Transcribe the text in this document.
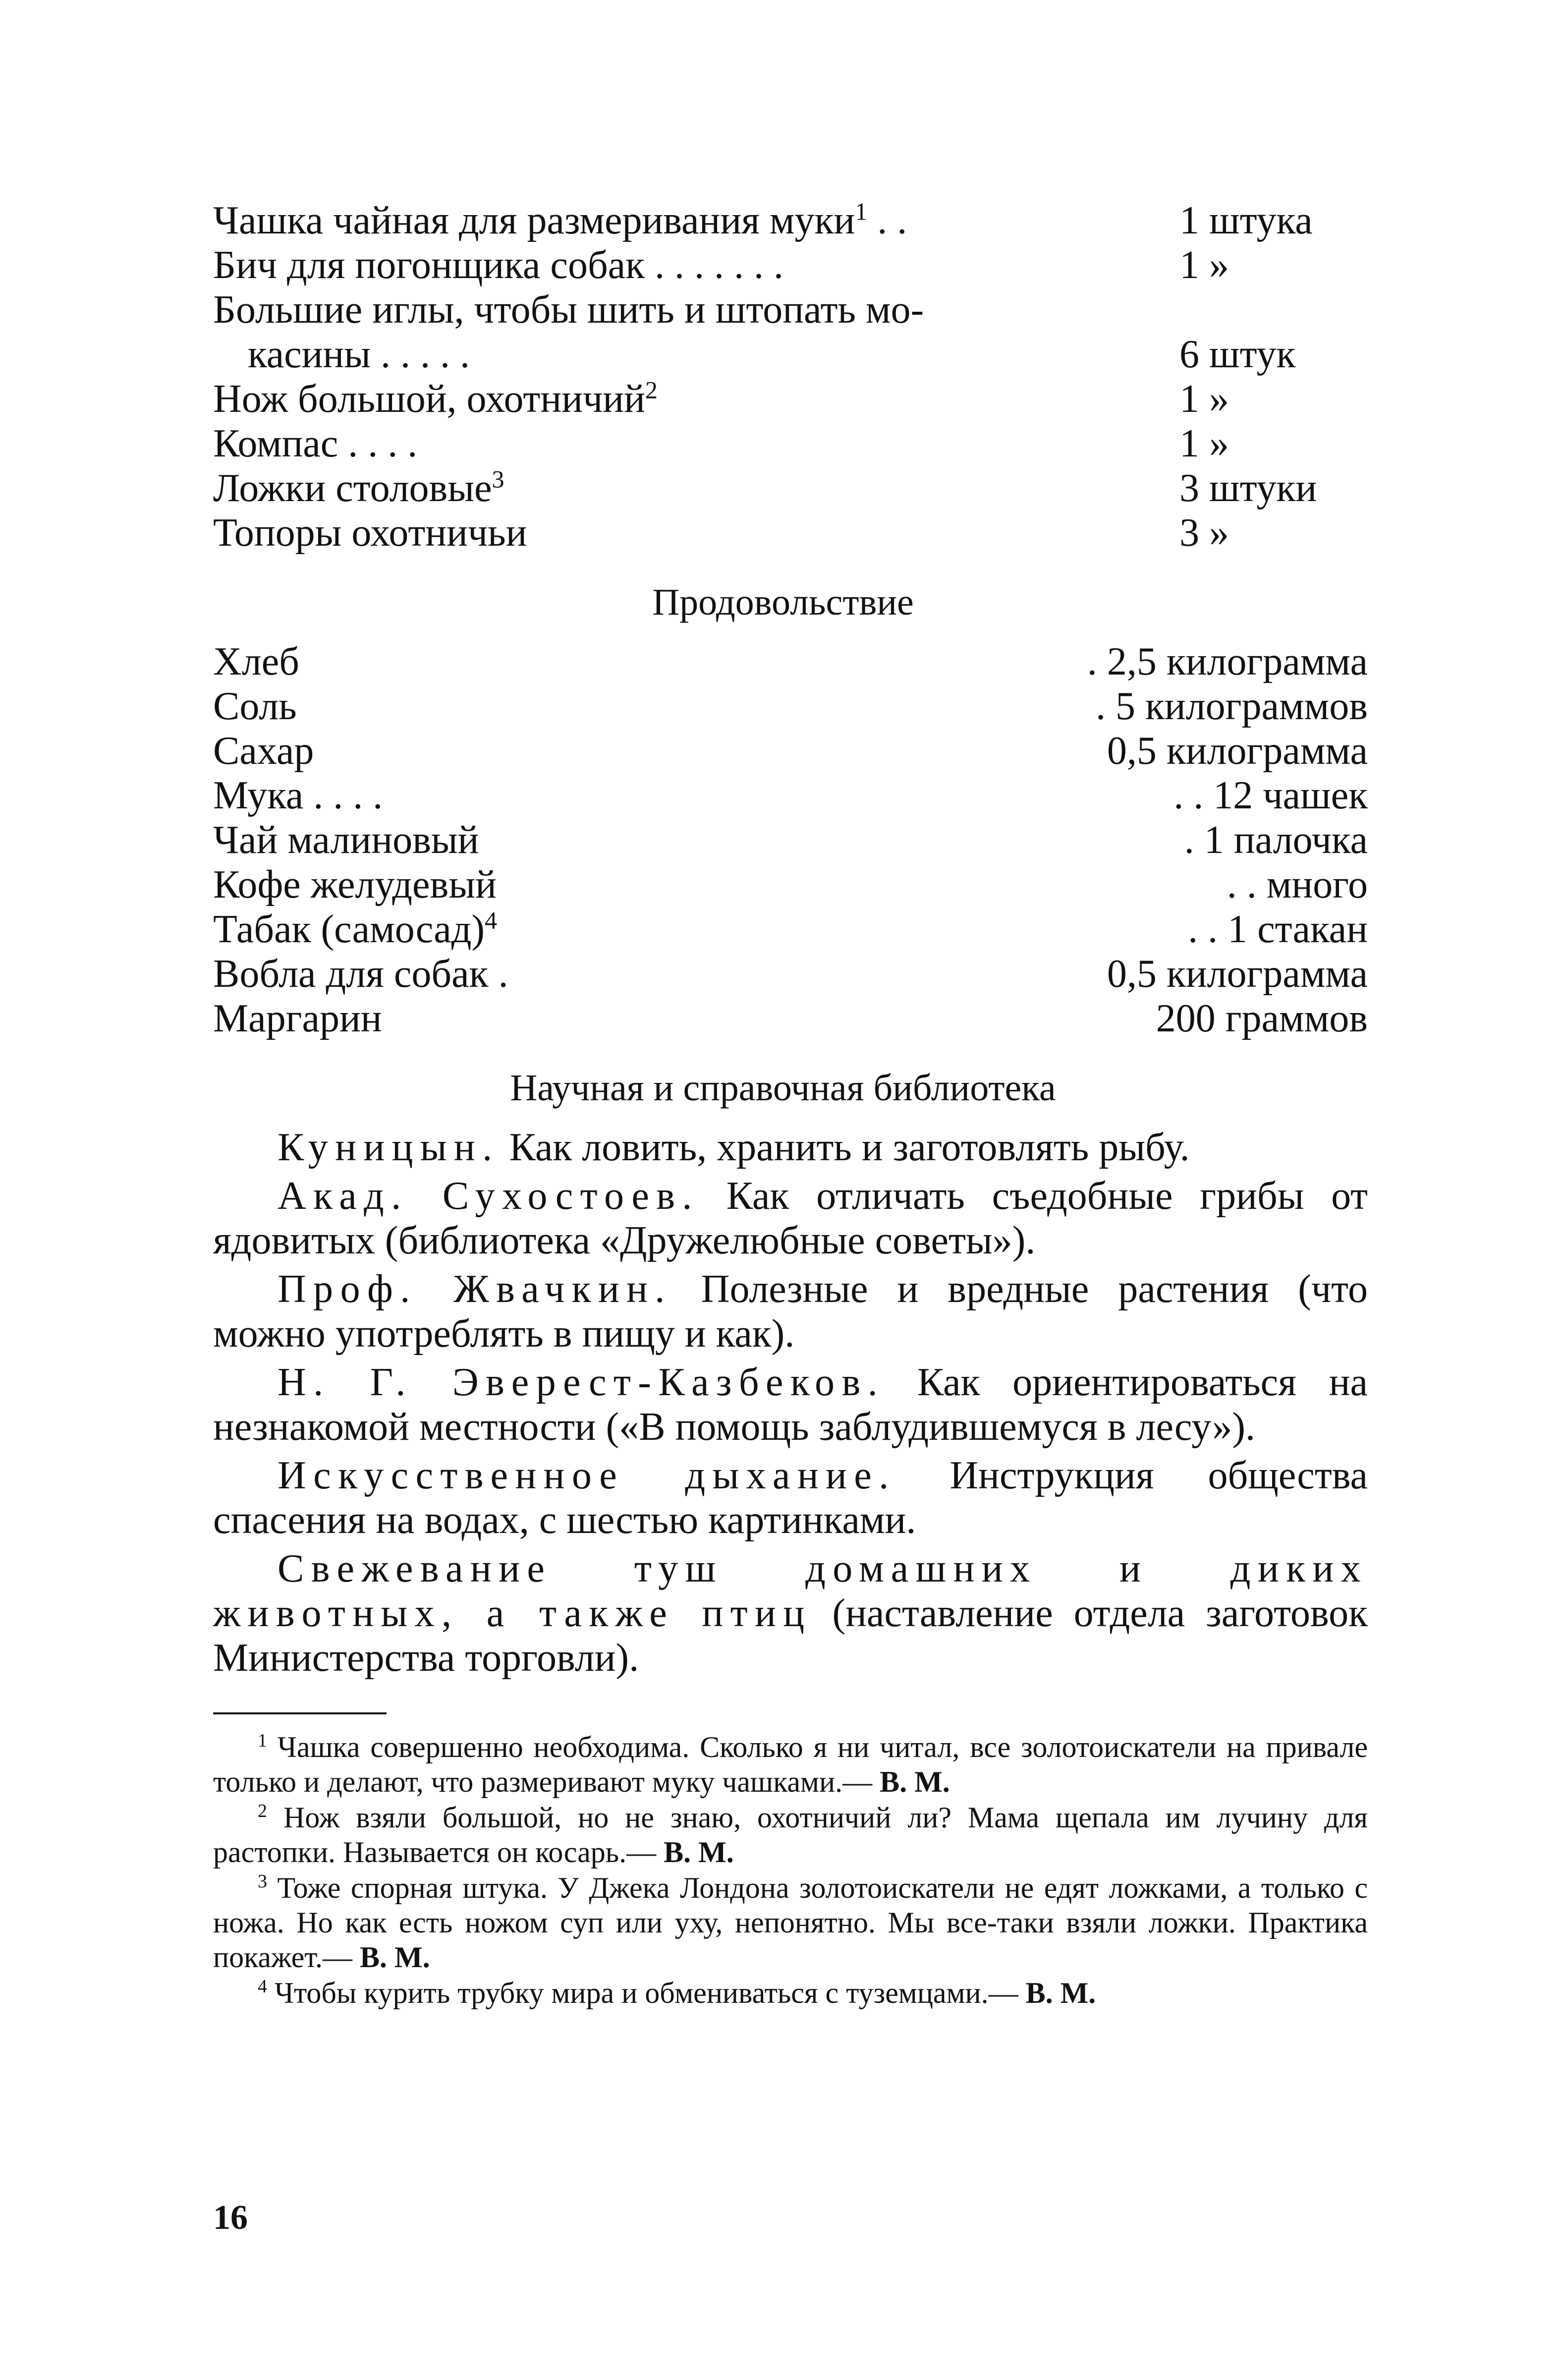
Чашка чайная для размеривания муки$^1$ . .	1 штука
Бич для погонщика собак . . . . . . .	1 »
Большие иглы, чтобы шить и штопать мо-
касины . . . . .	6 штук
Нож большой, охотничий$^2$	1 »
Компас . . . .	1 »
Ложки столовые$^3$	3 штуки
Топоры охотничьи	3 »
Продовольствие
Хлеб	. 2,5 килограмма
Соль	. 5 килограммов
Сахар	0,5 килограмма
Мука . . . .	. . 12 чашек
Чай малиновый	. 1 палочка
Кофе желудевый	. . много
Табак (самосад)$^4$	. . 1 стакан
Вобла для собак .	0,5 килограмма
Маргарин	200 граммов
Научная и справочная библиотека

Куницын. Как ловить, хранить и заготовлять рыбу.

Акад. Сухостоев. Как отличать съедобные грибы от ядовитых (библиотека «Дружелюбные советы»).

Проф. Жвачкин. Полезные и вредные растения (что можно употреблять в пищу и как).

Н. Г. Эверест-Казбеков. Как ориентироваться на незнакомой местности («В помощь заблудившемуся в лесу»).

Искусственное дыхание. Инструкция общества спасения на водах, с шестью картинками.

Свежевание туш домашних и диких животных, а также птиц (наставление отдела заготовок Министерства торговли).

$^1$ Чашка совершенно необходима. Сколько я ни читал, все золотоискатели на привале только и делают, что размеривают муку чашками.— В. М.

$^2$ Нож взяли большой, но не знаю, охотничий ли? Мама щепала им лучину для растопки. Называется он косарь.— В. М.

$^3$ Тоже спорная штука. У Джека Лондона золотоискатели не едят ложками, а только с ножа. Но как есть ножом суп или уху, непонятно. Мы все-таки взяли ложки. Практика покажет.— В. М.

$^4$ Чтобы курить трубку мира и обмениваться с туземцами.— В. М.

16
